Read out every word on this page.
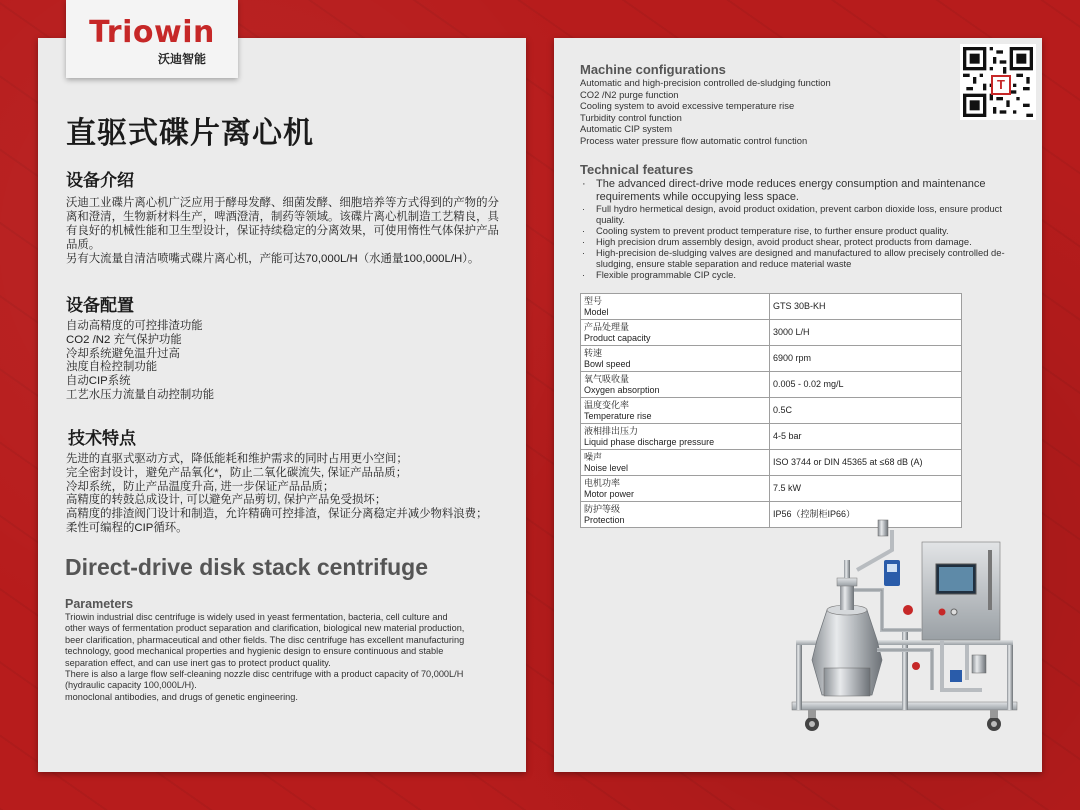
Triowin
沃迪智能
直驱式碟片离心机
设备介绍
沃迪工业碟片离心机广泛应用于酵母发酵、细菌发酵、细胞培养等方式得到的产物的分
离和澄清，生物新材料生产，啤酒澄清，制药等领域。该碟片离心机制造工艺精良，具
有良好的机械性能和卫生型设计，保证持续稳定的分离效果，可使用惰性气体保护产品
品质。
另有大流量自清洁喷嘴式碟片离心机，产能可达70,000L/H（水通量100,000L/H）。
设备配置
自动高精度的可控排渣功能
CO2 /N2 充气保护功能
冷却系统避免温升过高
浊度自检控制功能
自动CIP系统
工艺水压力流量自动控制功能
技术特点
先进的直驱式驱动方式，降低能耗和维护需求的同时占用更小空间；
完全密封设计，避免产品氧化*，防止二氧化碳流失, 保证产品品质；
冷却系统，防止产品温度升高, 进一步保证产品品质；
高精度的转鼓总成设计, 可以避免产品剪切, 保护产品免受损坏；
高精度的排渣阀门设计和制造，允许精确可控排渣，保证分离稳定并减少物料浪费；
柔性可编程的CIP循环。
Direct-drive disk stack centrifuge
Parameters
Triowin industrial disc centrifuge is widely used in yeast fermentation, bacteria, cell culture and
other ways of fermentation product separation and clarification, biological new material production,
beer clarification, pharmaceutical and other fields. The disc centrifuge has excellent manufacturing
technology, good mechanical properties and hygienic design to ensure continuous and stable
separation effect, and can use inert gas to protect product quality.
There is also a large flow self-cleaning nozzle disc centrifuge with a product capacity of 70,000L/H
(hydraulic capacity 100,000L/H).
monoclonal antibodies, and drugs of genetic engineering.
Machine configurations
Automatic and high-precision controlled de-sludging function
CO2 /N2 purge function
Cooling system to avoid excessive temperature rise
Turbidity control function
Automatic CIP system
Process water pressure flow automatic control function
T
Technical features
· The advanced direct-drive mode reduces energy consumption and maintenance requirements while occupying less space.
· Full hydro hermetical design, avoid product oxidation, prevent carbon dioxide loss, ensure product quality.
· Cooling system to prevent product temperature rise, to further ensure product quality.
· High precision drum assembly design, avoid product shear, protect products from damage.
· High-precision de-sludging valves are designed and manufactured to allow precisely controlled de-sludging, ensure stable separation and reduce material waste
· Flexible programmable CIP cycle.
型号
Model	GTS 30B-KH

产品处理量
Product capacity	3000 L/H

转速
Bowl speed	6900 rpm

氧气吸收量
Oxygen absorption	0.005 - 0.02 mg/L

温度变化率
Temperature rise	0.5C

液相排出压力
Liquid phase discharge pressure	4-5 bar

噪声
Noise level	ISO 3744 or DIN 45365 at ≤68 dB (A)

电机功率
Motor power	7.5 kW

防护等级
Protection	IP56（控制柜IP66）
